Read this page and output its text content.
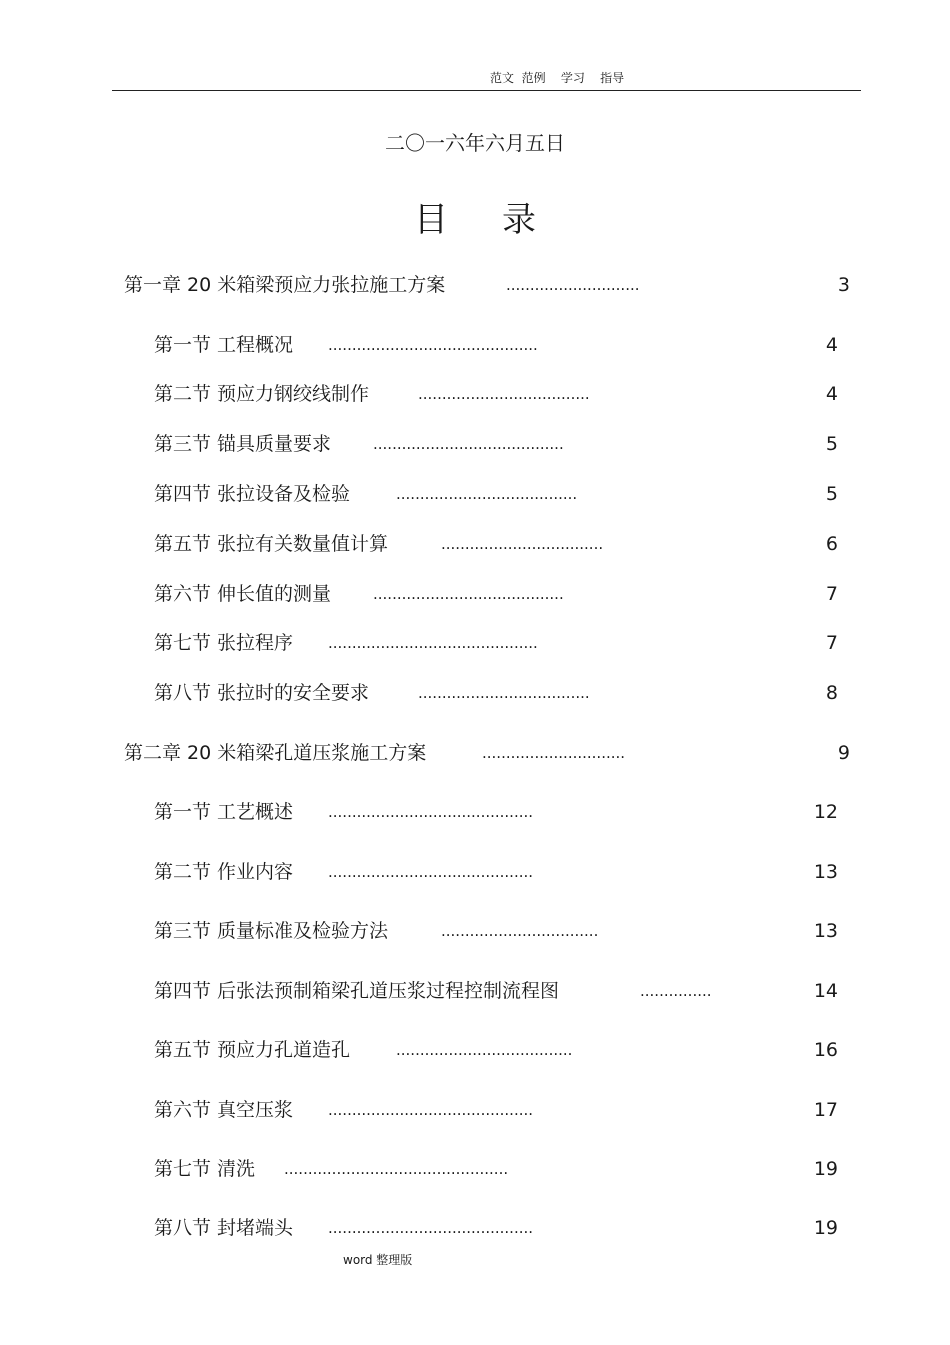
范文  范例    学习    指导
二〇一六年六月五日
目录
第一章 20 米箱梁预应力张拉施工方案	............................	3
第一节 工程概况 ............................................	4
第二节 预应力钢绞线制作	....................................	4
第三节 锚具质量要求	........................................	5
第四节 张拉设备及检验	......................................	5
第五节 张拉有关数量值计算	..................................	6
第六节 伸长值的测量	........................................	7
第七节 张拉程序 ............................................	7
第八节 张拉时的安全要求	....................................	8
第二章 20 米箱梁孔道压浆施工方案	..............................	9
第一节 工艺概述 ...........................................	12
第二节 作业内容 ...........................................	13
第三节 质量标准及检验方法	.................................	13
第四节 后张法预制箱梁孔道压浆过程控制流程图	...............	14
第五节 预应力孔道造孔	.....................................	16
第六节 真空压浆 ...........................................	17
第七节 清洗 ...............................................	19
第八节 封堵端头 ...........................................	19
word 整理版
